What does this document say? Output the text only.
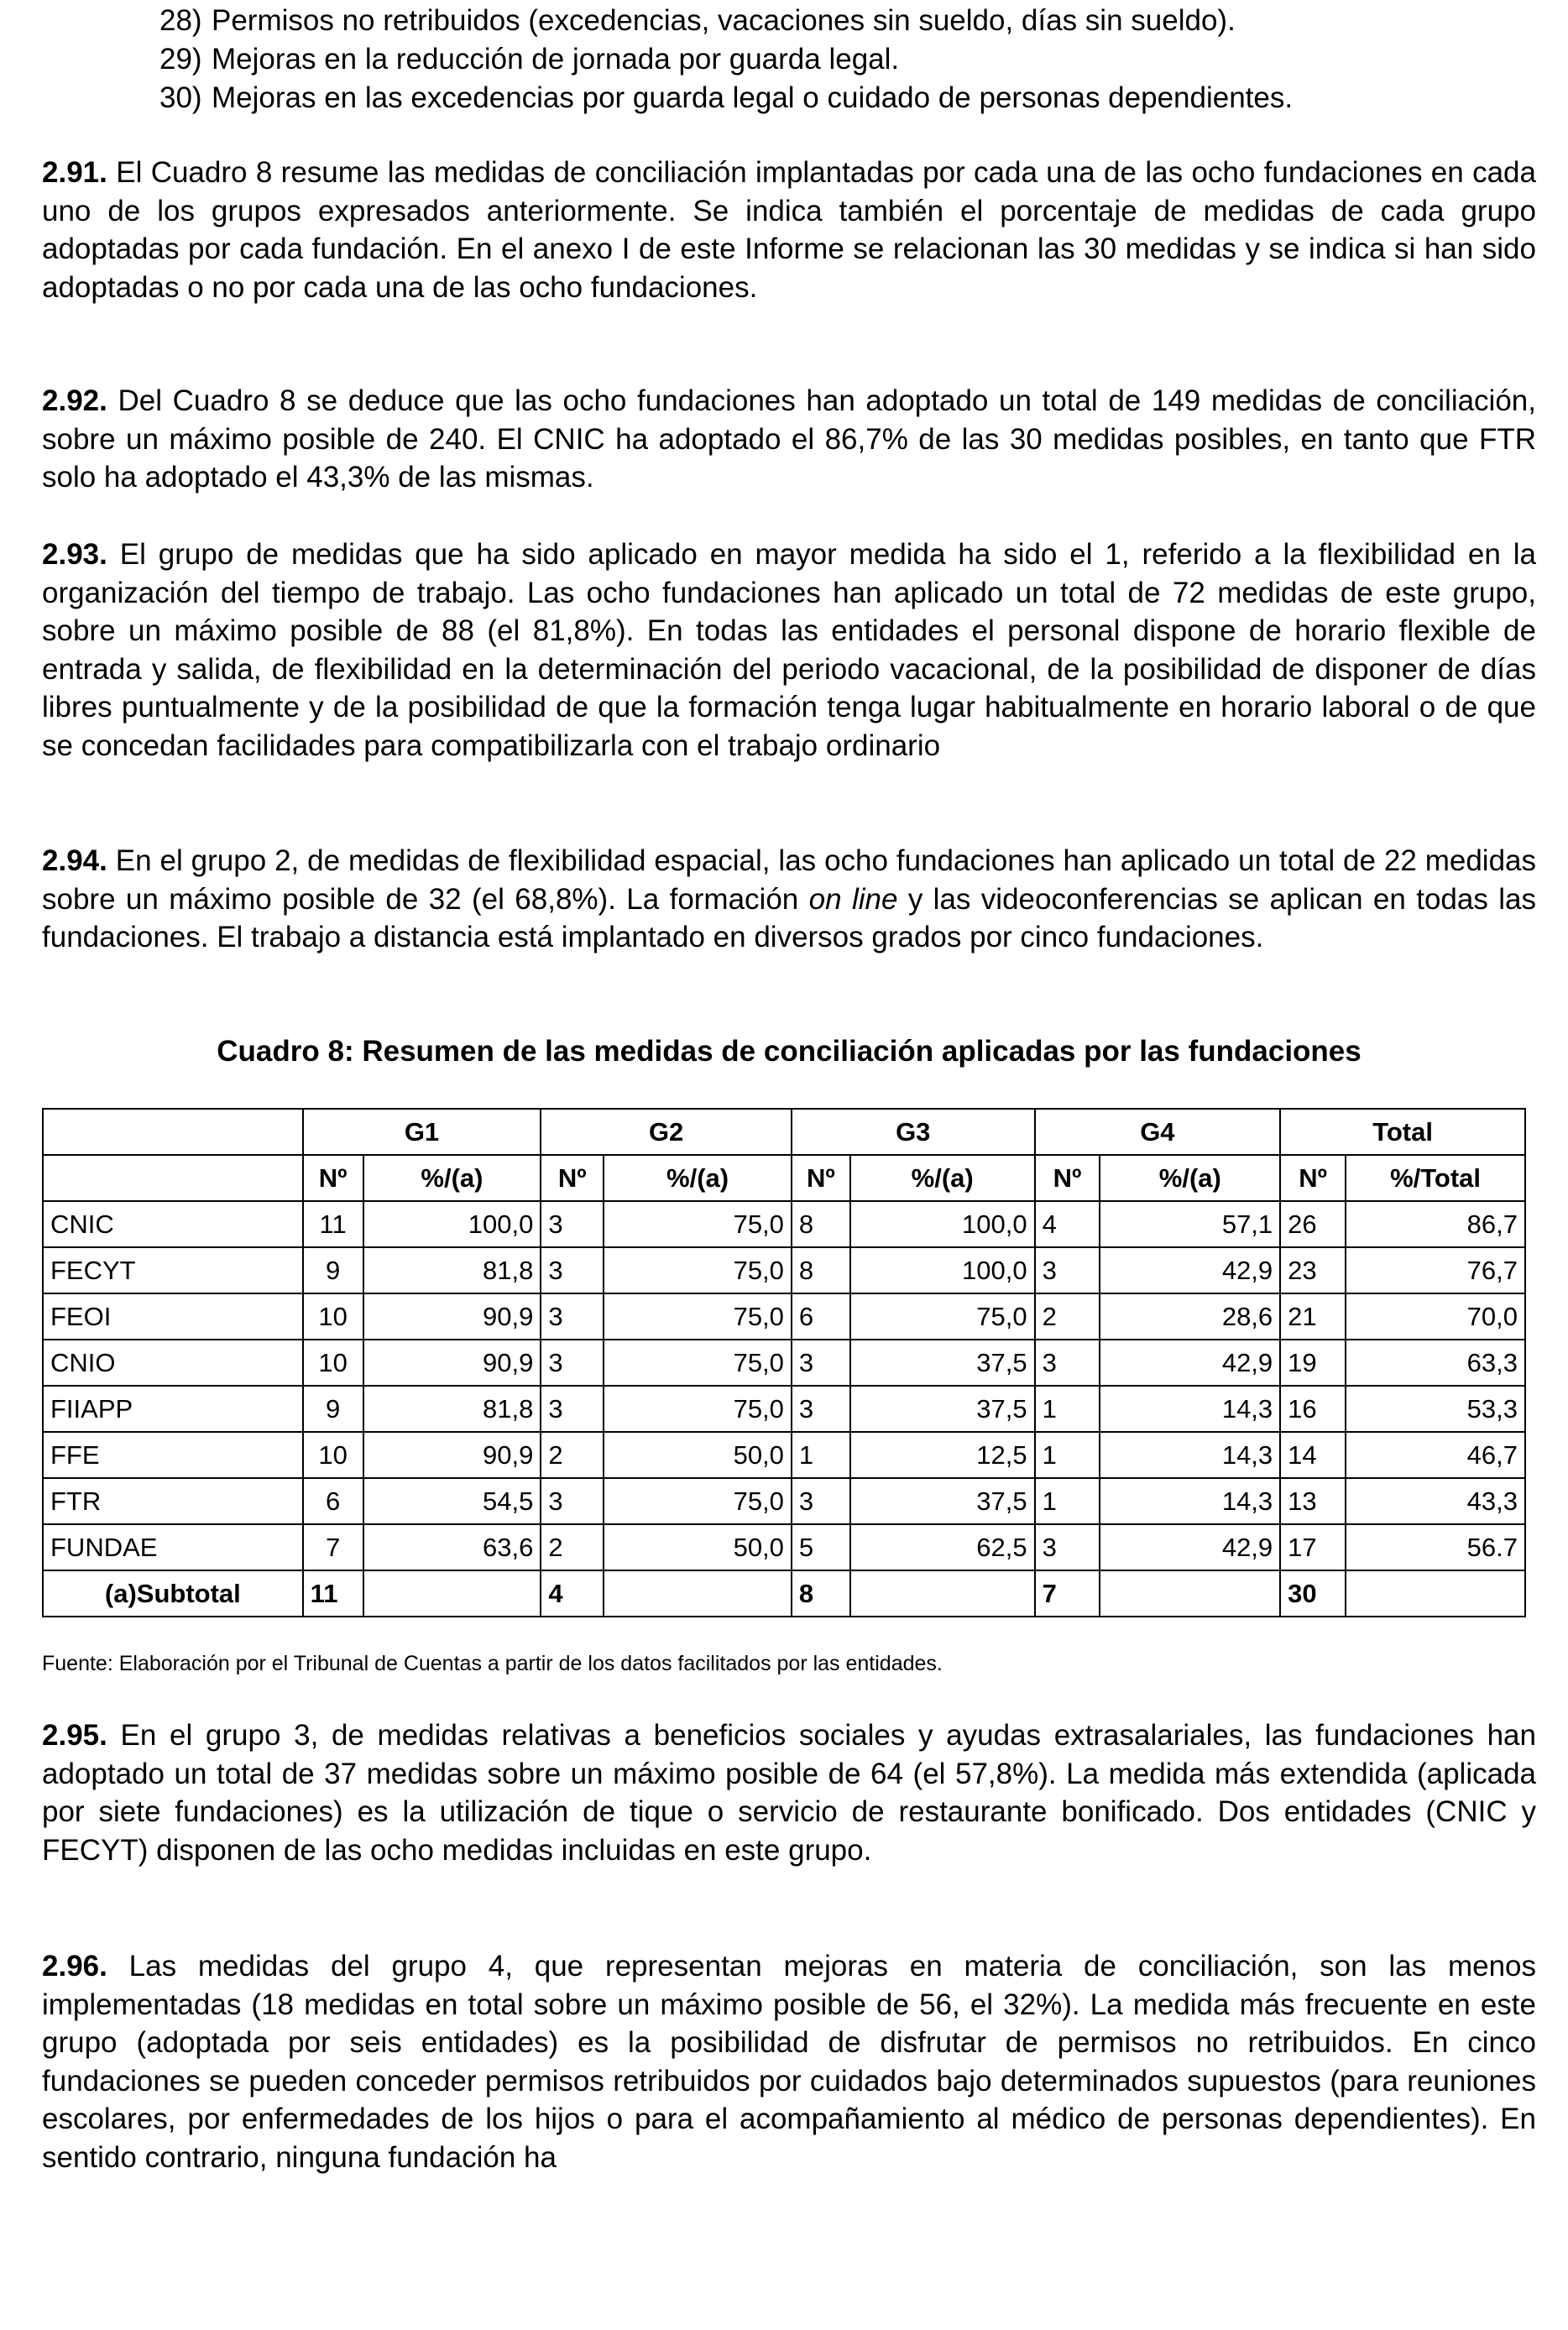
28) Permisos no retribuidos (excedencias, vacaciones sin sueldo, días sin sueldo).
29) Mejoras en la reducción de jornada por guarda legal.
30) Mejoras en las excedencias por guarda legal o cuidado de personas dependientes.

2.91. El Cuadro 8 resume las medidas de conciliación implantadas por cada una de las ocho fundaciones en cada uno de los grupos expresados anteriormente. Se indica también el porcentaje de medidas de cada grupo adoptadas por cada fundación. En el anexo I de este Informe se relacionan las 30 medidas y se indica si han sido adoptadas o no por cada una de las ocho fundaciones.

2.92. Del Cuadro 8 se deduce que las ocho fundaciones han adoptado un total de 149 medidas de conciliación, sobre un máximo posible de 240. El CNIC ha adoptado el 86,7% de las 30 medidas posibles, en tanto que FTR solo ha adoptado el 43,3% de las mismas.

2.93. El grupo de medidas que ha sido aplicado en mayor medida ha sido el 1, referido a la flexibilidad en la organización del tiempo de trabajo. Las ocho fundaciones han aplicado un total de 72 medidas de este grupo, sobre un máximo posible de 88 (el 81,8%). En todas las entidades el personal dispone de horario flexible de entrada y salida, de flexibilidad en la determinación del periodo vacacional, de la posibilidad de disponer de días libres puntualmente y de la posibilidad de que la formación tenga lugar habitualmente en horario laboral o de que se concedan facilidades para compatibilizarla con el trabajo ordinario

2.94. En el grupo 2, de medidas de flexibilidad espacial, las ocho fundaciones han aplicado un total de 22 medidas sobre un máximo posible de 32 (el 68,8%). La formación on line y las videoconferencias se aplican en todas las fundaciones. El trabajo a distancia está implantado en diversos grados por cinco fundaciones.

Cuadro 8: Resumen de las medidas de conciliación aplicadas por las fundaciones

	G1		G2		G3		G4		Total	
	Nº	%/(a)	Nº	%/(a)	Nº	%/(a)	Nº	%/(a)	Nº	%/Total
CNIC	11	100,0	3	75,0	8	100,0	4	57,1	26	86,7
FECYT	9	81,8	3	75,0	8	100,0	3	42,9	23	76,7
FEOI	10	90,9	3	75,0	6	75,0	2	28,6	21	70,0
CNIO	10	90,9	3	75,0	3	37,5	3	42,9	19	63,3
FIIAPP	9	81,8	3	75,0	3	37,5	1	14,3	16	53,3
FFE	10	90,9	2	50,0	1	12,5	1	14,3	14	46,7
FTR	6	54,5	3	75,0	3	37,5	1	14,3	13	43,3
FUNDAE	7	63,6	2	50,0	5	62,5	3	42,9	17	56.7
(a)Subtotal	11		4		8		7		30	

Fuente: Elaboración por el Tribunal de Cuentas a partir de los datos facilitados por las entidades.

2.95. En el grupo 3, de medidas relativas a beneficios sociales y ayudas extrasalariales, las fundaciones han adoptado un total de 37 medidas sobre un máximo posible de 64 (el 57,8%). La medida más extendida (aplicada por siete fundaciones) es la utilización de tique o servicio de restaurante bonificado. Dos entidades (CNIC y FECYT) disponen de las ocho medidas incluidas en este grupo.

2.96. Las medidas del grupo 4, que representan mejoras en materia de conciliación, son las menos implementadas (18 medidas en total sobre un máximo posible de 56, el 32%). La medida más frecuente en este grupo (adoptada por seis entidades) es la posibilidad de disfrutar de permisos no retribuidos. En cinco fundaciones se pueden conceder permisos retribuidos por cuidados bajo determinados supuestos (para reuniones escolares, por enfermedades de los hijos o para el acompañamiento al médico de personas dependientes). En sentido contrario, ninguna fundación ha
